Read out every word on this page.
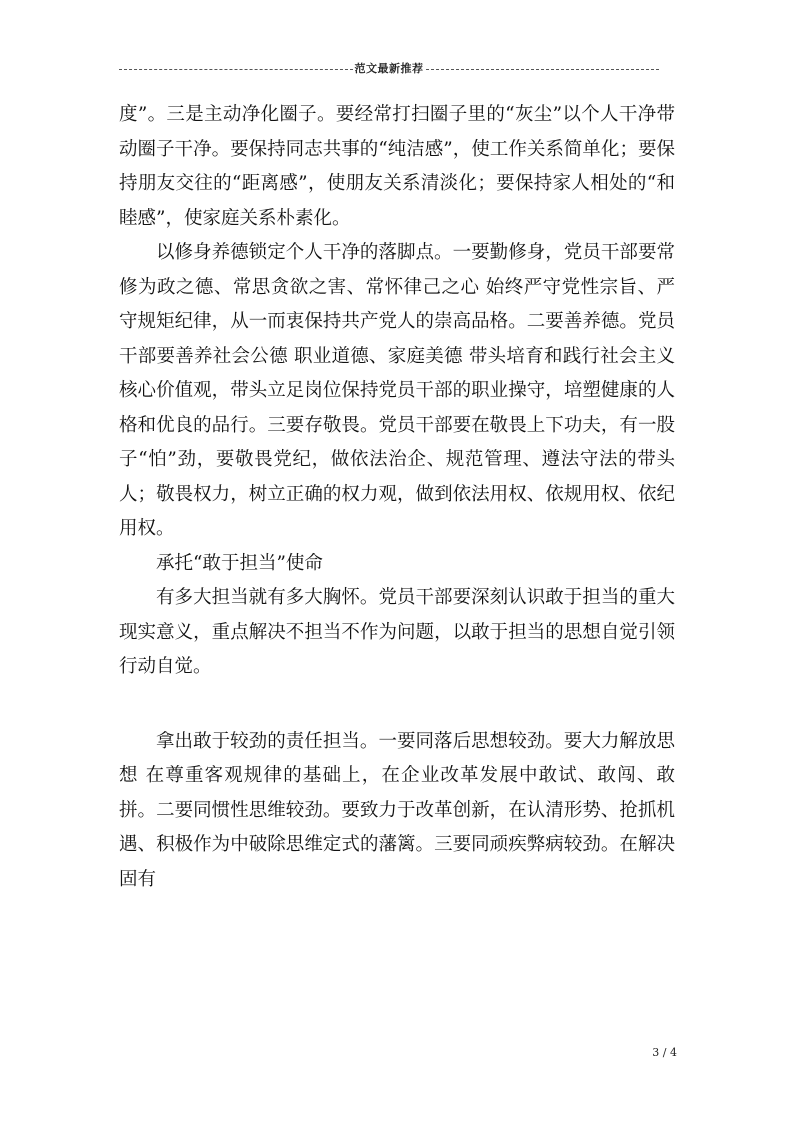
范文最新推荐

度”。三是主动净化圈子。要经常打扫圈子里的“灰尘”以个人干净带动圈子干净。要保持同志共事的“纯洁感”，使工作关系简单化；要保持朋友交往的“距离感”，使朋友关系清淡化；要保持家人相处的“和睦感”，使家庭关系朴素化。

以修身养德锁定个人干净的落脚点。一要勤修身，党员干部要常修为政之德、常思贪欲之害、常怀律己之心 始终严守党性宗旨、严守规矩纪律，从一而衷保持共产党人的崇高品格。二要善养德。党员干部要善养社会公德 职业道德、家庭美德 带头培育和践行社会主义核心价值观，带头立足岗位保持党员干部的职业操守，培塑健康的人格和优良的品行。三要存敬畏。党员干部要在敬畏上下功夫，有一股子“怕”劲，要敬畏党纪，做依法治企、规范管理、遵法守法的带头人；敬畏权力，树立正确的权力观，做到依法用权、依规用权、依纪用权。

承托“敢于担当”使命

有多大担当就有多大胸怀。党员干部要深刻认识敢于担当的重大现实意义，重点解决不担当不作为问题，以敢于担当的思想自觉引领行动自觉。

拿出敢于较劲的责任担当。一要同落后思想较劲。要大力解放思想 在尊重客观规律的基础上，在企业改革发展中敢试、敢闯、敢拼。二要同惯性思维较劲。要致力于改革创新，在认清形势、抢抓机遇、积极作为中破除思维定式的藩篱。三要同顽疾弊病较劲。在解决固有

3 / 4
